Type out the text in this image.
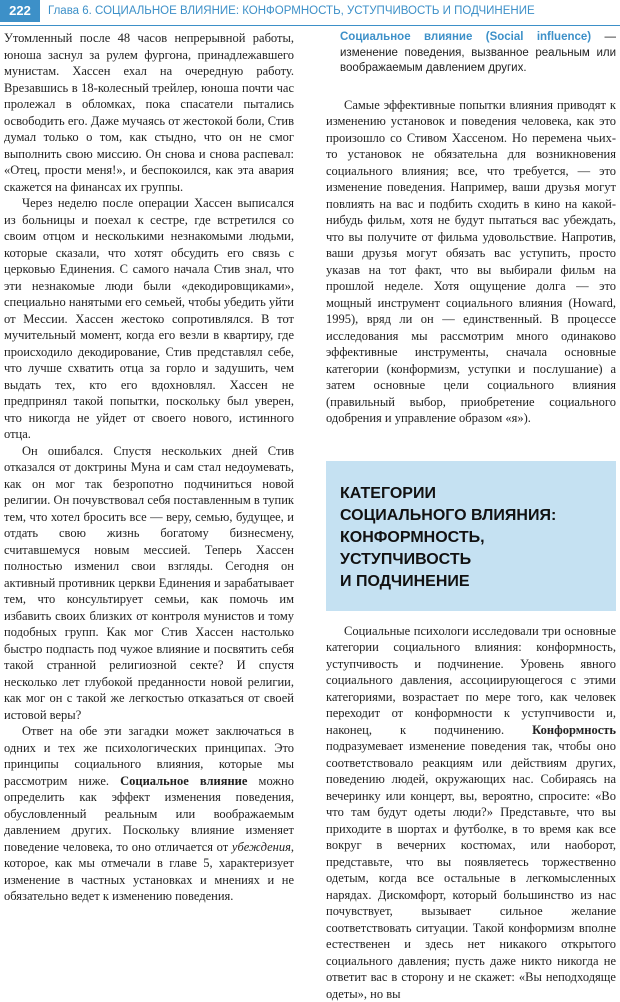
222	Глава 6. СОЦИАЛЬНОЕ ВЛИЯНИЕ: КОНФОРМНОСТЬ, УСТУПЧИВОСТЬ И ПОДЧИНЕНИЕ

Утомленный после 48 часов непрерывной работы, юноша заснул за рулем фургона, принадлежавшего мунистам. Хассен ехал на очередную работу. Врезавшись в 18-колесный трейлер, юноша почти час пролежал в обломках, пока спасатели пытались освободить его. Даже мучаясь от жестокой боли, Стив думал только о том, как стыдно, что он не смог выполнить свою миссию. Он снова и снова распевал: «Отец, прости меня!», и беспокоился, как эта авария скажется на финансах их группы.

Через неделю после операции Хассен выписался из больницы и поехал к сестре, где встретился со своим отцом и несколькими незнакомыми людьми, которые сказали, что хотят обсудить его связь с церковью Единения. С самого начала Стив знал, что эти незнакомые люди были «декодировщиками», специально нанятыми его семьей, чтобы убедить уйти от Мессии. Хассен жестоко сопротивлялся. В тот мучительный момент, когда его везли в квартиру, где происходило декодирование, Стив представлял себе, что лучше схватить отца за горло и задушить, чем выдать тех, кто его вдохновлял. Хассен не предпринял такой попытки, поскольку был уверен, что никогда не уйдет от своего нового, истинного отца.

Он ошибался. Спустя нескольких дней Стив отказался от доктрины Муна и сам стал недоумевать, как он мог так безропотно подчиниться новой религии. Он почувствовал себя поставленным в тупик тем, что хотел бросить все — веру, семью, будущее, и отдать свою жизнь богатому бизнесмену, считавшемуся новым мессией. Теперь Хассен полностью изменил свои взгляды. Сегодня он активный противник церкви Единения и зарабатывает тем, что консультирует семьи, как помочь им избавить своих близких от контроля мунистов и тому подобных групп. Как мог Стив Хассен настолько быстро подпасть под чужое влияние и посвятить себя такой странной религиозной секте? И спустя несколько лет глубокой преданности новой религии, как мог он с такой же легкостью отказаться от своей истовой веры?

Ответ на обе эти загадки может заключаться в одних и тех же психологических принципах. Это принципы социального влияния, которые мы рассмотрим ниже. Социальное влияние можно определить как эффект изменения поведения, обусловленный реальным или воображаемым давлением других. Поскольку влияние изменяет поведение человека, то оно отличается от убеждения, которое, как мы отмечали в главе 5, характеризует изменение в частных установках и мнениях и не обязательно ведет к изменению поведения.

Социальное влияние (Social influence) — изменение поведения, вызванное реальным или воображаемым давлением других.

Самые эффективные попытки влияния приводят к изменению установок и поведения человека, как это произошло со Стивом Хассеном. Но перемена чьих-то установок не обязательна для возникновения социального влияния; все, что требуется, — это изменение поведения. Например, ваши друзья могут повлиять на вас и подбить сходить в кино на какой-нибудь фильм, хотя не будут пытаться вас убеждать, что вы получите от фильма удовольствие. Напротив, ваши друзья могут обязать вас уступить, просто указав на тот факт, что вы выбирали фильм на прошлой неделе. Хотя ощущение долга — это мощный инструмент социального влияния (Howard, 1995), вряд ли он — единственный. В процессе исследования мы рассмотрим много одинаково эффективные инструменты, сначала основные категории (конформизм, уступки и послушание) а затем основные цели социального влияния (правильный выбор, приобретение социального одобрения и управление образом «я»).

КАТЕГОРИИ
СОЦИАЛЬНОГО ВЛИЯНИЯ:
КОНФОРМНОСТЬ, УСТУПЧИВОСТЬ
И ПОДЧИНЕНИЕ

Социальные психологи исследовали три основные категории социального влияния: конформность, уступчивость и подчинение. Уровень явного социального давления, ассоциирующегося с этими категориями, возрастает по мере того, как человек переходит от конформности к уступчивости и, наконец, к подчинению. Конформность подразумевает изменение поведения так, чтобы оно соответствовало реакциям или действиям других, поведению людей, окружающих нас. Собираясь на вечеринку или концерт, вы, вероятно, спросите: «Во что там будут одеты люди?» Представьте, что вы приходите в шортах и футболке, в то время как все вокруг в вечерних костюмах, или наоборот, представьте, что вы появляетесь торжественно одетым, когда все остальные в легкомысленных нарядах. Дискомфорт, который большинство из нас почувствует, вызывает сильное желание соответствовать ситуации. Такой конформизм вполне естественен и здесь нет никакого открытого социального давления; пусть даже никто никогда не ответит вас в сторону и не скажет: «Вы неподходяще одеты», но вы
